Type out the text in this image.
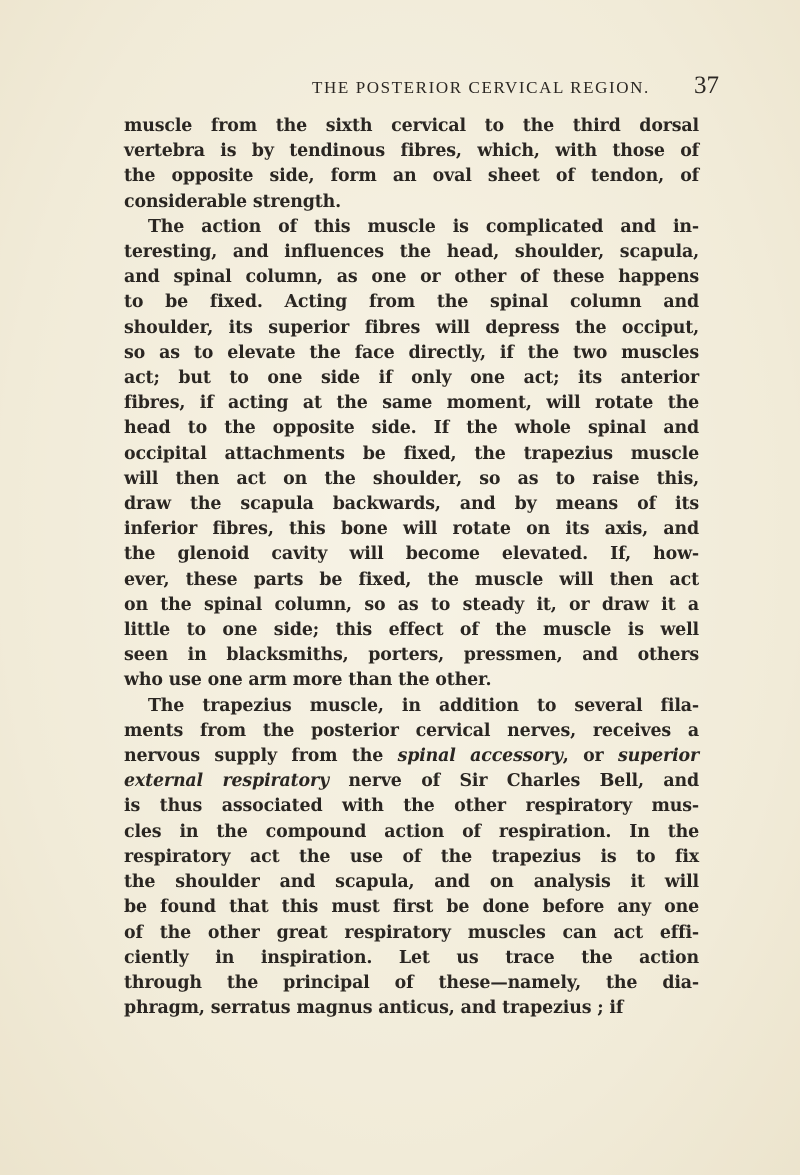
THE POSTERIOR CERVICAL REGION. 37
muscle from the sixth cervical to the third dorsal
vertebra is by tendinous fibres, which, with those of
the opposite side, form an oval sheet of tendon, of
considerable strength.
The action of this muscle is complicated and in-
teresting, and influences the head, shoulder, scapula,
and spinal column, as one or other of these happens
to be fixed. Acting from the spinal column and
shoulder, its superior fibres will depress the occiput,
so as to elevate the face directly, if the two muscles
act; but to one side if only one act; its anterior
fibres, if acting at the same moment, will rotate the
head to the opposite side. If the whole spinal and
occipital attachments be fixed, the trapezius muscle
will then act on the shoulder, so as to raise this,
draw the scapula backwards, and by means of its
inferior fibres, this bone will rotate on its axis, and
the glenoid cavity will become elevated. If, how-
ever, these parts be fixed, the muscle will then act
on the spinal column, so as to steady it, or draw it a
little to one side; this effect of the muscle is well
seen in blacksmiths, porters, pressmen, and others
who use one arm more than the other.
The trapezius muscle, in addition to several fila-
ments from the posterior cervical nerves, receives a
nervous supply from the spinal accessory, or superior
external respiratory nerve of Sir Charles Bell, and
is thus associated with the other respiratory mus-
cles in the compound action of respiration. In the
respiratory act the use of the trapezius is to fix
the shoulder and scapula, and on analysis it will
be found that this must first be done before any one
of the other great respiratory muscles can act effi-
ciently in inspiration. Let us trace the action
through the principal of these—namely, the dia-
phragm, serratus magnus anticus, and trapezius ; if
